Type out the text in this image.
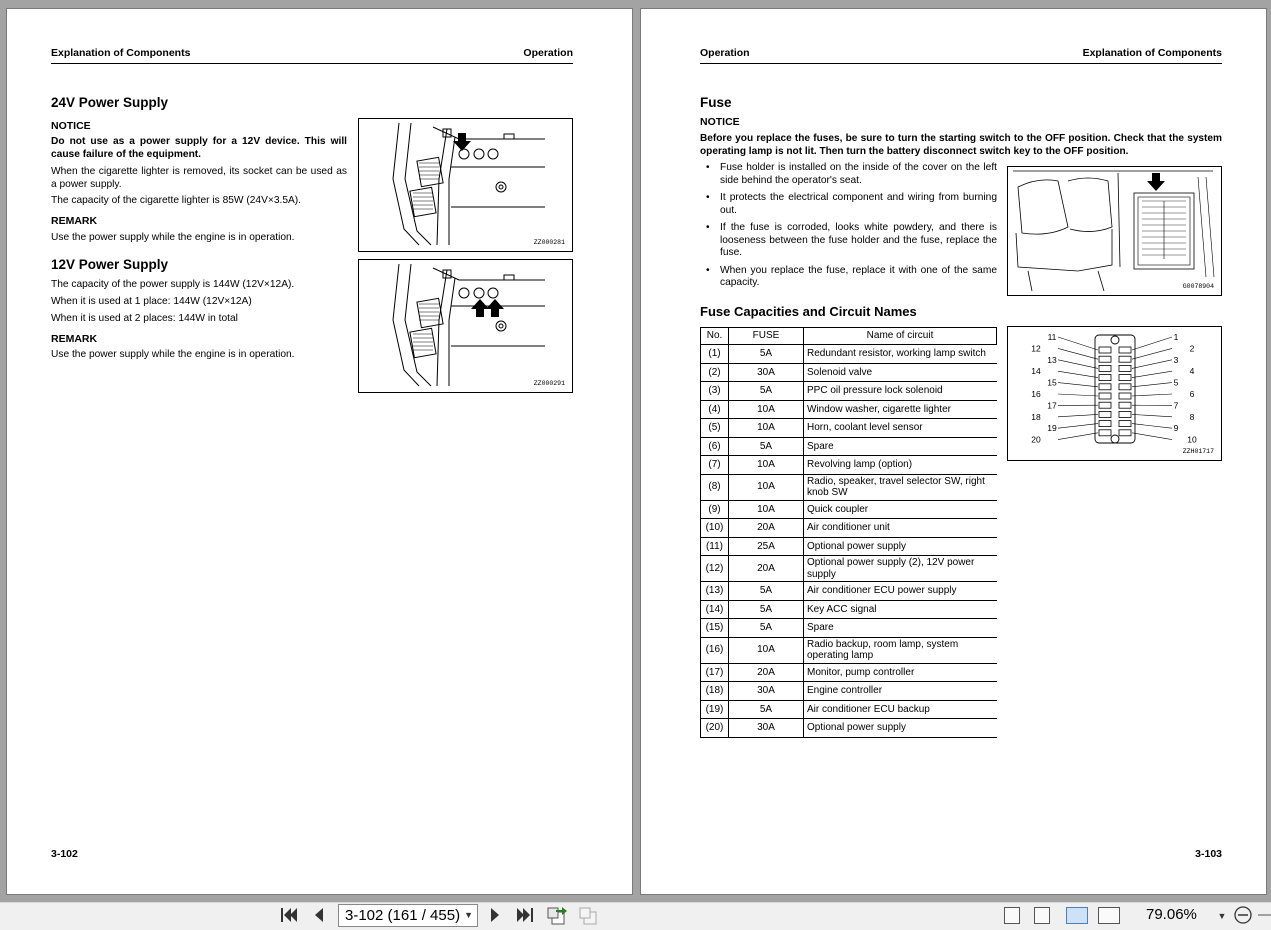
Explanation of Components	Operation
24V Power Supply
NOTICE
Do not use as a power supply for a 12V device. This will cause failure of the equipment.
When the cigarette lighter is removed, its socket can be used as a power supply.
The capacity of the cigarette lighter is 85W (24V×3.5A).
REMARK
Use the power supply while the engine is in operation.
12V Power Supply
The capacity of the power supply is 144W (12V×12A).
When it is used at 1 place: 144W (12V×12A)
When it is used at 2 places: 144W in total
REMARK
Use the power supply while the engine is in operation.
ZZ000281
ZZ000291
3-102
Operation	Explanation of Components
Fuse
NOTICE
Before you replace the fuses, be sure to turn the starting switch to the OFF position. Check that the system operating lamp is not lit. Then turn the battery disconnect switch key to the OFF position.
• Fuse holder is installed on the inside of the cover on the left side behind the operator's seat.
• It protects the electrical component and wiring from burning out.
• If the fuse is corroded, looks white powdery, and there is looseness between the fuse holder and the fuse, replace the fuse.
• When you replace the fuse, replace it with one of the same capacity.	G0078904
Fuse Capacities and Circuit Names
No.	FUSE	Name of circuit
(1)	5A	Redundant resistor, working lamp switch
(2)	30A	Solenoid valve
(3)	5A	PPC oil pressure lock solenoid
(4)	10A	Window washer, cigarette lighter
(5)	10A	Horn, coolant level sensor
(6)	5A	Spare
(7)	10A	Revolving lamp (option)
(8)	10A	Radio, speaker, travel selector SW, right knob SW
(9)	10A	Quick coupler
(10)	20A	Air conditioner unit
(11)	25A	Optional power supply
(12)	20A	Optional power supply (2), 12V power supply
(13)	5A	Air conditioner ECU power supply
(14)	5A	Key ACC signal
(15)	5A	Spare
(16)	10A	Radio backup, room lamp, system operating lamp
(17)	20A	Monitor, pump controller
(18)	30A	Engine controller
(19)	5A	Air conditioner ECU backup
(20)	30A	Optional power supply
11	1
12	2
13	3
14	4
15	5
16	6
17	7
18	8
19	9
20	10
ZZH01717
3-103
3-102 (161 / 455) ▼	79.06% ▼
